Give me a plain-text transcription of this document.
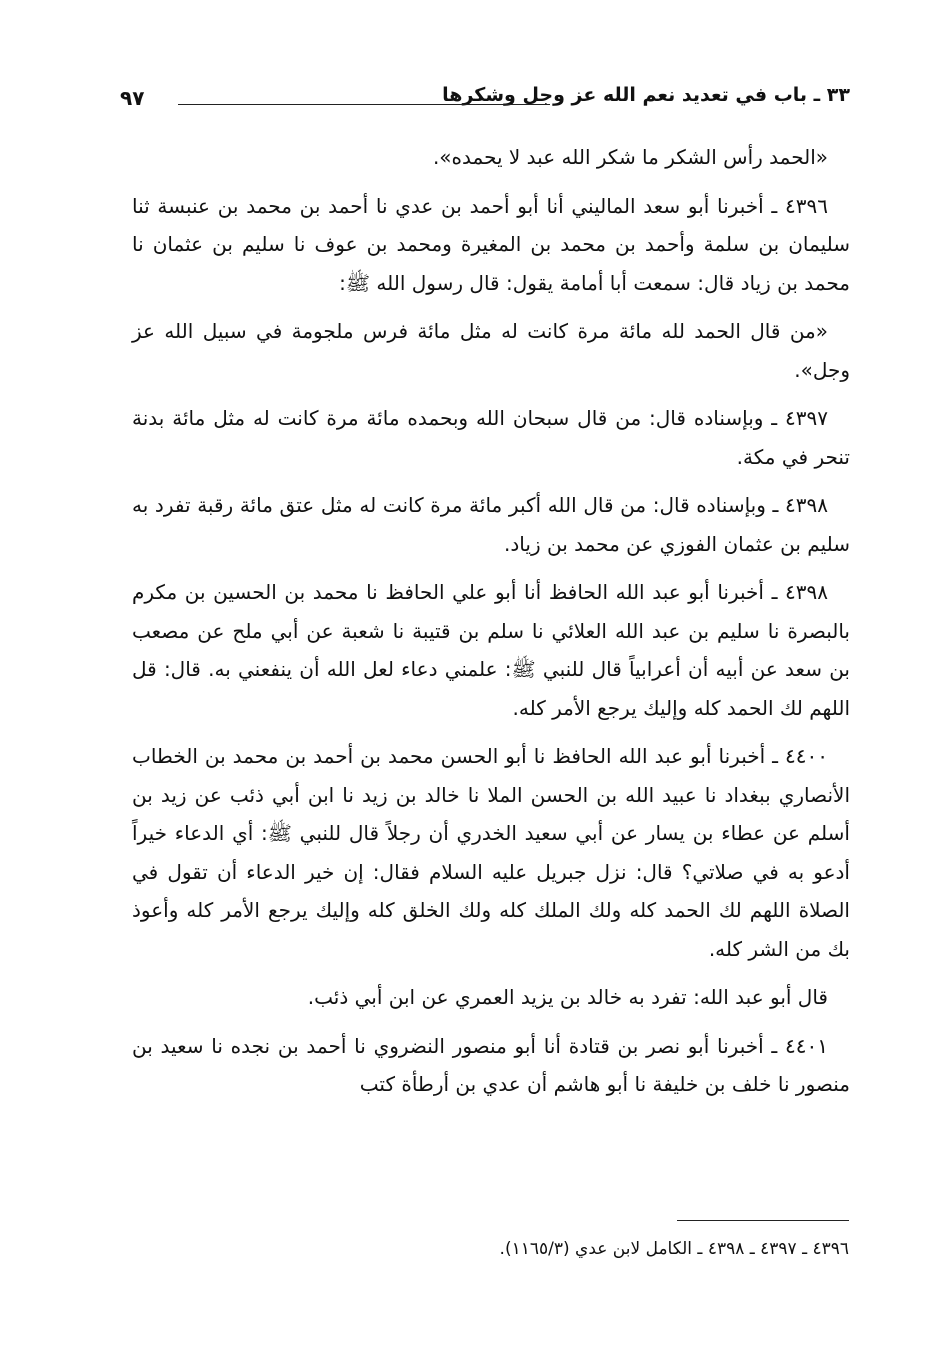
٣٣ ـ باب في تعديد نعم الله عز وجل وشكرها
٩٧

«الحمد رأس الشكر ما شكر الله عبد لا يحمده».

٤٣٩٦ ـ أخبرنا أبو سعد الماليني أنا أبو أحمد بن عدي نا أحمد بن محمد بن عنبسة ثنا سليمان بن سلمة وأحمد بن محمد بن المغيرة ومحمد بن عوف نا سليم بن عثمان نا محمد بن زياد قال: سمعت أبا أمامة يقول: قال رسول الله ﷺ:

«من قال الحمد لله مائة مرة كانت له مثل مائة فرس ملجومة في سبيل الله عز وجل».

٤٣٩٧ ـ وبإسناده قال: من قال سبحان الله وبحمده مائة مرة كانت له مثل مائة بدنة تنحر في مكة.

٤٣٩٨ ـ وبإسناده قال: من قال الله أكبر مائة مرة كانت له مثل عتق مائة رقبة تفرد به سليم بن عثمان الفوزي عن محمد بن زياد.

٤٣٩٨ ـ أخبرنا أبو عبد الله الحافظ أنا أبو علي الحافظ نا محمد بن الحسين بن مكرم بالبصرة نا سليم بن عبد الله العلائي نا سلم بن قتيبة نا شعبة عن أبي ملح عن مصعب بن سعد عن أبيه أن أعرابياً قال للنبي ﷺ: علمني دعاء لعل الله أن ينفعني به. قال: قل اللهم لك الحمد كله وإليك يرجع الأمر كله.

٤٤٠٠ ـ أخبرنا أبو عبد الله الحافظ نا أبو الحسن محمد بن أحمد بن محمد بن الخطاب الأنصاري ببغداد نا عبيد الله بن الحسن الملا نا خالد بن زيد نا ابن أبي ذئب عن زيد بن أسلم عن عطاء بن يسار عن أبي سعيد الخدري أن رجلاً قال للنبي ﷺ: أي الدعاء خيراً أدعو به في صلاتي؟ قال: نزل جبريل عليه السلام فقال: إن خير الدعاء أن تقول في الصلاة اللهم لك الحمد كله ولك الملك كله ولك الخلق كله وإليك يرجع الأمر كله وأعوذ بك من الشر كله.

قال أبو عبد الله: تفرد به خالد بن يزيد العمري عن ابن أبي ذئب.

٤٤٠١ ـ أخبرنا أبو نصر بن قتادة أنا أبو منصور النضروي نا أحمد بن نجده نا سعيد بن منصور نا خلف بن خليفة نا أبو هاشم أن عدي بن أرطأة كتب

٤٣٩٦ ـ ٤٣٩٧ ـ ٤٣٩٨ ـ الكامل لابن عدي (١١٦٥/٣).
